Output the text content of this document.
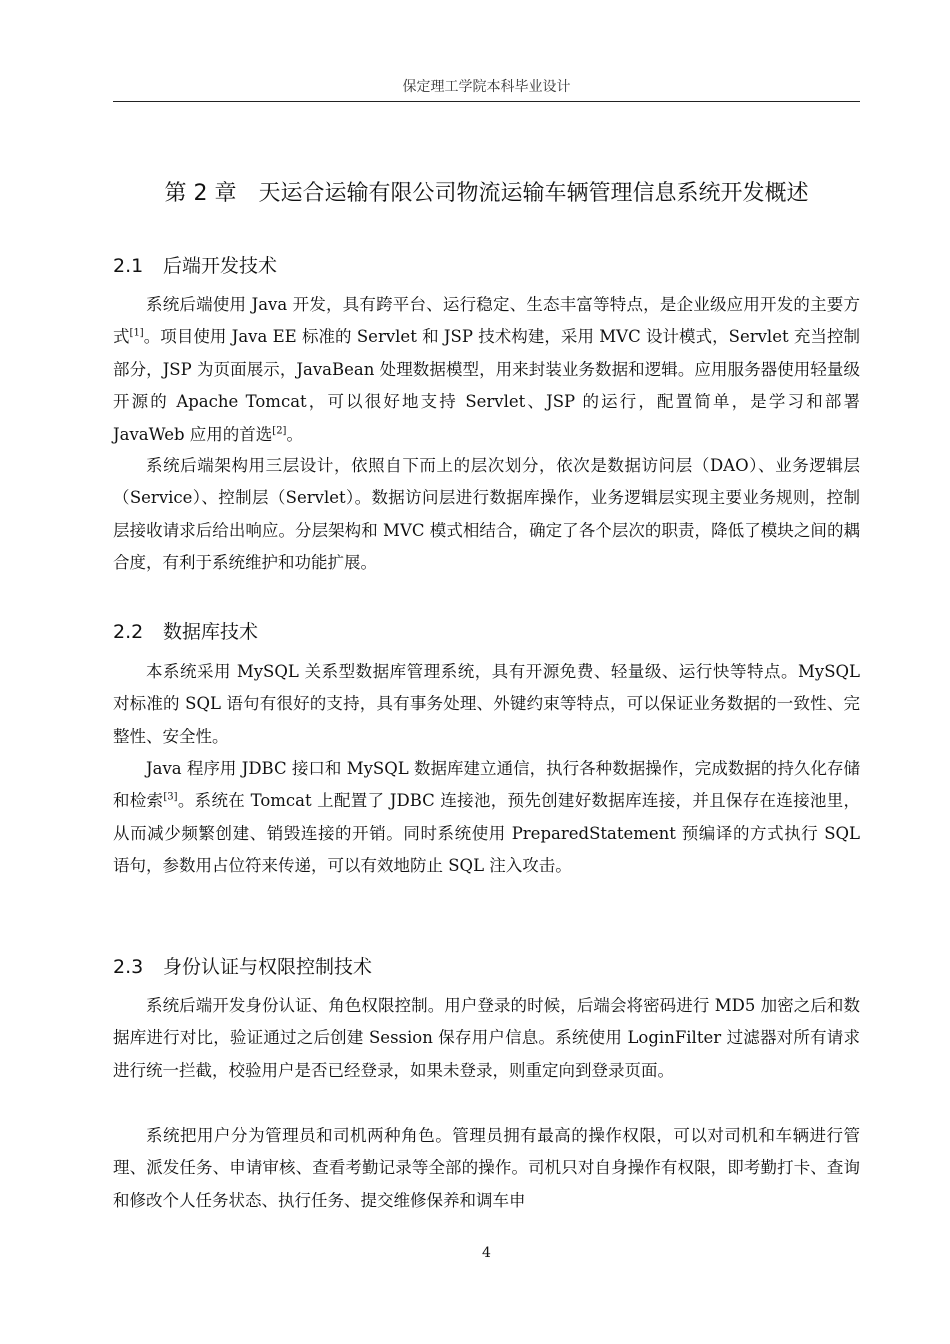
保定理工学院本科毕业设计
第 2 章　天运合运输有限公司物流运输车辆管理信息系统开发概述
2.1 后端开发技术

系统后端使用 Java 开发，具有跨平台、运行稳定、生态丰富等特点，是企业级应用开发的主要方式[1]。项目使用 Java EE 标准的 Servlet 和 JSP 技术构建，采用 MVC 设计模式，Servlet 充当控制部分，JSP 为页面展示，JavaBean 处理数据模型，用来封装业务数据和逻辑。应用服务器使用轻量级开源的 Apache Tomcat，可以很好地支持 Servlet、JSP 的运行，配置简单，是学习和部署 JavaWeb 应用的首选[2]。

系统后端架构用三层设计，依照自下而上的层次划分，依次是数据访问层（DAO）、业务逻辑层（Service）、控制层（Servlet）。数据访问层进行数据库操作，业务逻辑层实现主要业务规则，控制层接收请求后给出响应。分层架构和 MVC 模式相结合，确定了各个层次的职责，降低了模块之间的耦合度，有利于系统维护和功能扩展。

2.2 数据库技术

本系统采用 MySQL 关系型数据库管理系统，具有开源免费、轻量级、运行快等特点。MySQL 对标准的 SQL 语句有很好的支持，具有事务处理、外键约束等特点，可以保证业务数据的一致性、完整性、安全性。

Java 程序用 JDBC 接口和 MySQL 数据库建立通信，执行各种数据操作，完成数据的持久化存储和检索[3]。系统在 Tomcat 上配置了 JDBC 连接池，预先创建好数据库连接，并且保存在连接池里，从而减少频繁创建、销毁连接的开销。同时系统使用 PreparedStatement 预编译的方式执行 SQL 语句，参数用占位符来传递，可以有效地防止 SQL 注入攻击。

2.3 身份认证与权限控制技术

系统后端开发身份认证、角色权限控制。用户登录的时候，后端会将密码进行 MD5 加密之后和数据库进行对比，验证通过之后创建 Session 保存用户信息。系统使用 LoginFilter 过滤器对所有请求进行统一拦截，校验用户是否已经登录，如果未登录，则重定向到登录页面。

系统把用户分为管理员和司机两种角色。管理员拥有最高的操作权限，可以对司机和车辆进行管理、派发任务、申请审核、查看考勤记录等全部的操作。司机只对自身操作有权限，即考勤打卡、查询和修改个人任务状态、执行任务、提交维修保养和调车申

4
